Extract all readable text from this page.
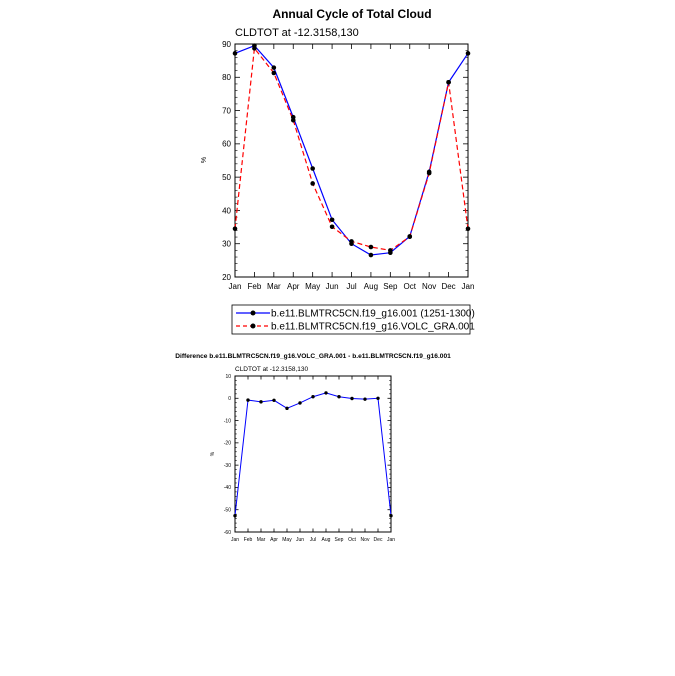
Annual Cycle of Total Cloud
CLDTOT at -12.3158,130
%
Jan Feb Mar Apr May Jun Jul Aug Sep Oct Nov Dec Jan
20
30
40
50
60
70
80
90
b.e11.BLMTRC5CN.f19_g16.001 (1251-1300)
b.e11.BLMTRC5CN.f19_g16.VOLC_GRA.001
Difference b.e11.BLMTRC5CN.f19_g16.VOLC_GRA.001 - b.e11.BLMTRC5CN.f19_g16.001
CLDTOT at -12.3158,130
%
Jan Feb Mar Apr May Jun Jul Aug Sep Oct Nov Dec Jan
-60
-50
-40
-30
-20
-10
0
10
